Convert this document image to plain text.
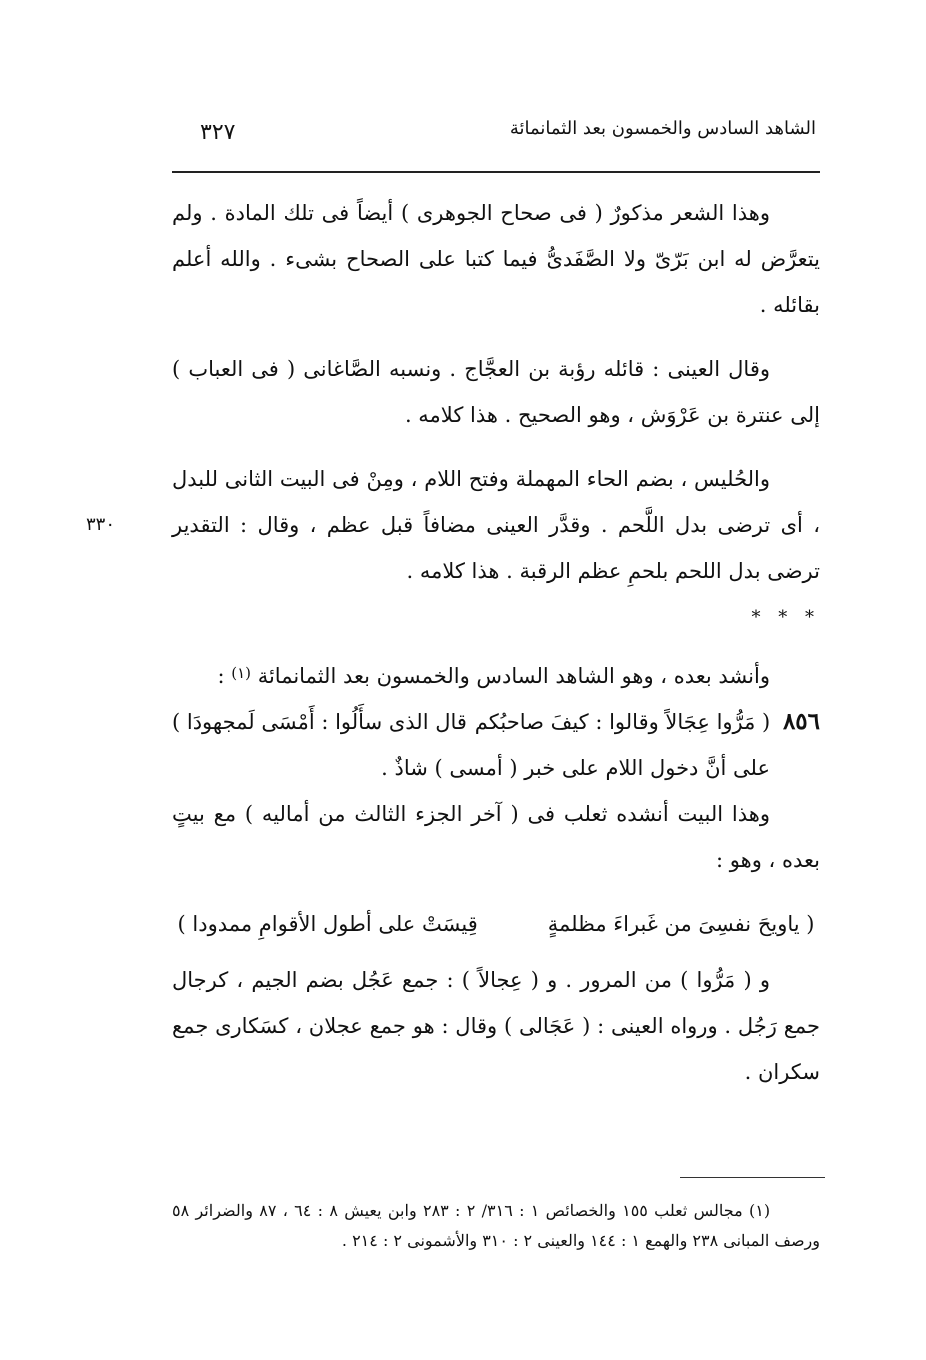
الشاهد السادس والخمسون بعد الثمانمائة
٣٢٧
٣٣٠

وهذا الشعر مذكورٌ ( فى صحاح الجوهرى ) أيضاً فى تلك المادة . ولم يتعرَّض له ابن بَرّىّ ولا الصَّفَدىُّ فيما كتبا على الصحاح بشىء . والله أعلم بقائله .

وقال العينى : قائله رؤبة بن العجَّاج . ونسبه الصَّاغانى ( فى العباب ) إلى عنترة بن عَرْوَش ، وهو الصحيح . هذا كلامه .

والحُليس ، بضم الحاء المهملة وفتح اللام ، ومِنْ فى البيت الثانى للبدل ، أى ترضى بدل اللَّحم . وقدَّر العينى مضافاً قبل عظم ، وقال : التقدير ترضى بدل اللحم بلحمِ عظم الرقبة . هذا كلامه .

* * *

وأنشد بعده ، وهو الشاهد السادس والخمسون بعد الثمانمائة $^{(١)}$ :

٨٥٦ ( مَرُّوا عِجَالاً وقالوا : كيفَ صاحبُكم
قال الذى سأَلُوا : أَمْسَى لَمجهودَا )

على أنَّ دخول اللام على خبر ( أمسى ) شاذٌ .

وهذا البيت أنشده ثعلب فى ( آخر الجزء الثالث من أماليه ) مع بيتٍ بعده ، وهو :

( ياويحَ نفسِىَ من غَبراءَ مظلمةٍ
قِيسَتْ على أطول الأقوامِ ممدودا )

و ( مَرُّوا ) من المرور . و ( عِجالاً ) : جمع عَجُل بضم الجيم ، كرجال جمع رَجُل . ورواه العينى : ( عَجَالى ) وقال : هو جمع عجلان ، كسَكارى جمع سكران .

(١) مجالس ثعلب ١٥٥ والخصائص ١ : ٣١٦/ ٢ : ٢٨٣ وابن يعيش ٨ : ٦٤ ، ٨٧ والضرائر ٥٨ ورصف المبانى ٢٣٨ والهمع ١ : ١٤٤ والعينى ٢ : ٣١٠ والأشمونى ٢ : ٢١٤ .
